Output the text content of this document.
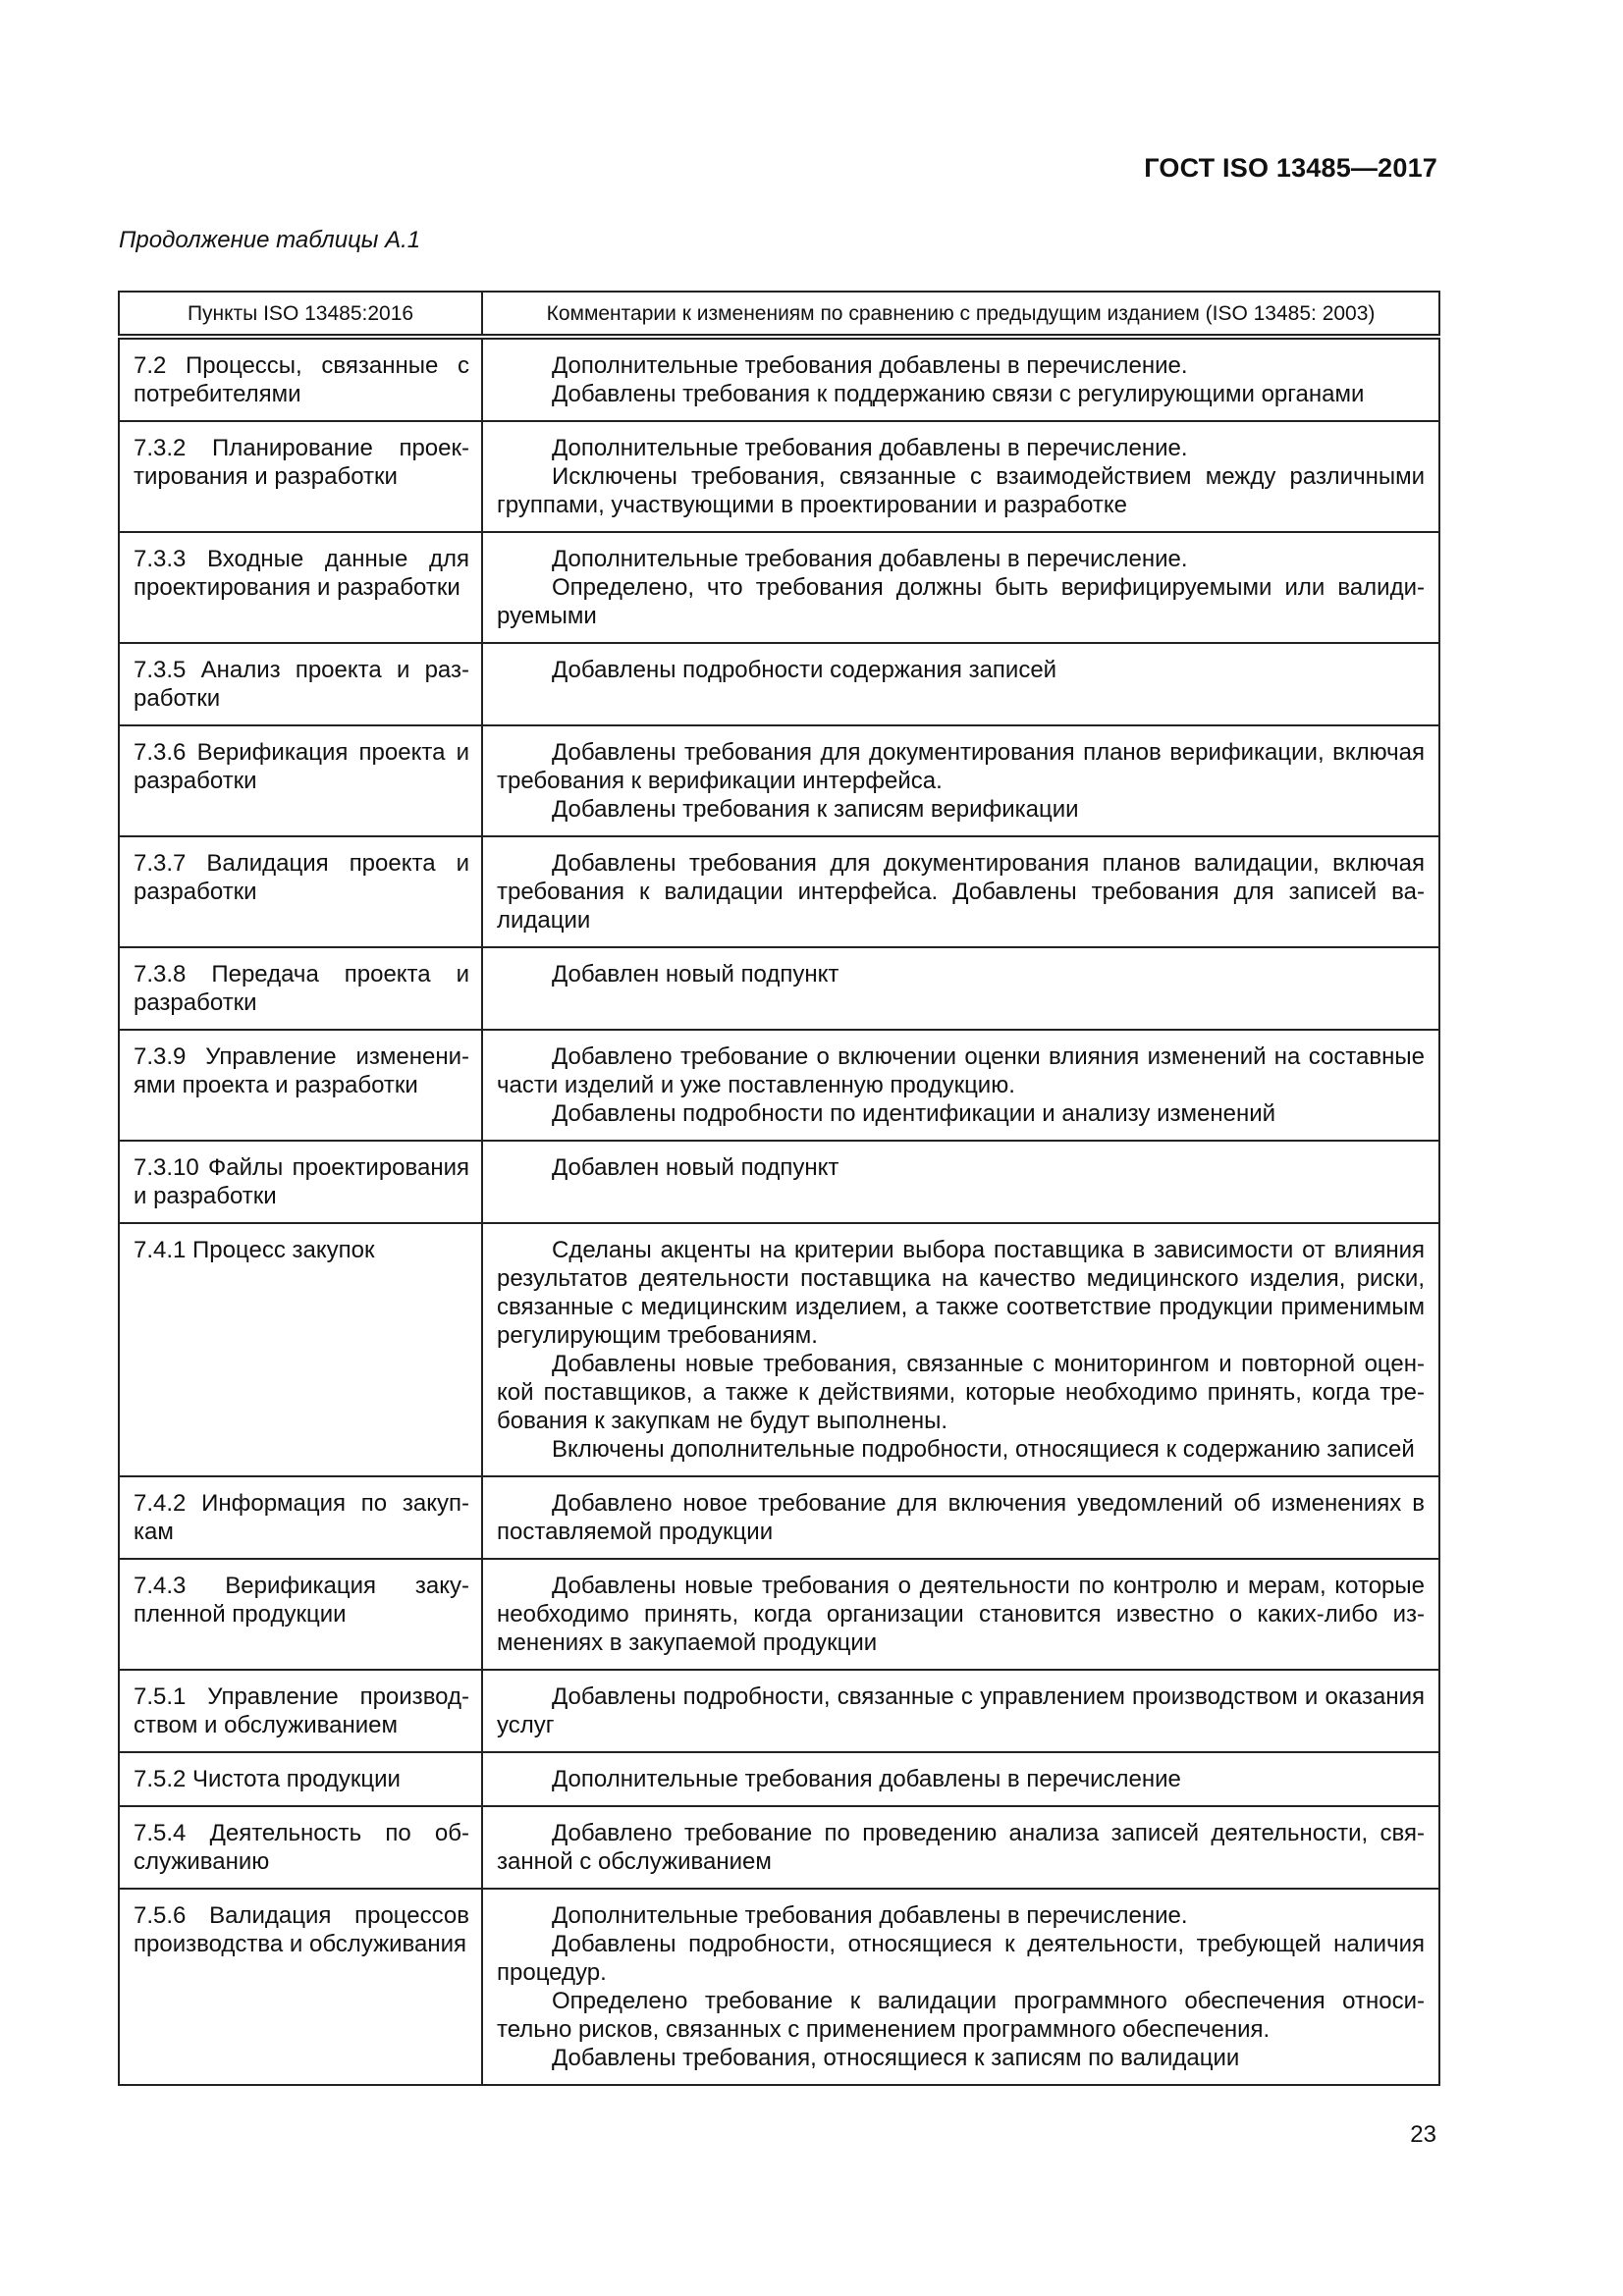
ГОСТ ISO 13485—2017
Продолжение таблицы А.1
Пункты ISO 13485:2016	Комментарии к изменениям по сравнению с предыдущим изданием (ISO 13485: 2003)
7.2 Процессы, связанные с потребителями	Дополнительные требования добавлены в перечисление.

Добавлены требования к поддержанию связи с регулирующими органами

7.3.2 Планирование проектирования и разработки	Дополнительные требования добавлены в перечисление.

Исключены требования, связанные с взаимодействием между различными группами, участвующими в проектировании и разработке

7.3.3 Входные данные для проектирования и разработки	Дополнительные требования добавлены в перечисление.

Определено, что требования должны быть верифицируемыми или валидируемыми

7.3.5 Анализ проекта и разработки	Добавлены подробности содержания записей

7.3.6 Верификация проекта и разработки	Добавлены требования для документирования планов верификации, включая требования к верификации интерфейса.

Добавлены требования к записям верификации

7.3.7 Валидация проекта и разработки	Добавлены требования для документирования планов валидации, включая требования к валидации интерфейса. Добавлены требования для записей валидации

7.3.8 Передача проекта и разработки	Добавлен новый подпункт

7.3.9 Управление изменениями проекта и разработки	Добавлено требование о включении оценки влияния изменений на составные части изделий и уже поставленную продукцию.

Добавлены подробности по идентификации и анализу изменений

7.3.10 Файлы проектирования и разработки	Добавлен новый подпункт

7.4.1 Процесс закупок	Сделаны акценты на критерии выбора поставщика в зависимости от влияния результатов деятельности поставщика на качество медицинского изделия, риски, связанные с медицинским изделием, а также соответствие продукции применимым регулирующим требованиям.

Добавлены новые требования, связанные с мониторингом и повторной оценкой поставщиков, а также к действиями, которые необходимо принять, когда требования к закупкам не будут выполнены.

Включены дополнительные подробности, относящиеся к содержанию записей

7.4.2 Информация по закупкам	Добавлено новое требование для включения уведомлений об изменениях в поставляемой продукции

7.4.3 Верификация закупленной продукции	Добавлены новые требования о деятельности по контролю и мерам, которые необходимо принять, когда организации становится известно о каких-либо изменениях в закупаемой продукции

7.5.1 Управление производством и обслуживанием	Добавлены подробности, связанные с управлением производством и оказания услуг

7.5.2 Чистота продукции	Дополнительные требования добавлены в перечисление

7.5.4 Деятельность по обслуживанию	Добавлено требование по проведению анализа записей деятельности, связанной с обслуживанием

7.5.6 Валидация процессов производства и обслуживания	Дополнительные требования добавлены в перечисление.

Добавлены подробности, относящиеся к деятельности, требующей наличия процедур.

Определено требование к валидации программного обеспечения относительно рисков, связанных с применением программного обеспечения.

Добавлены требования, относящиеся к записям по валидации

23
